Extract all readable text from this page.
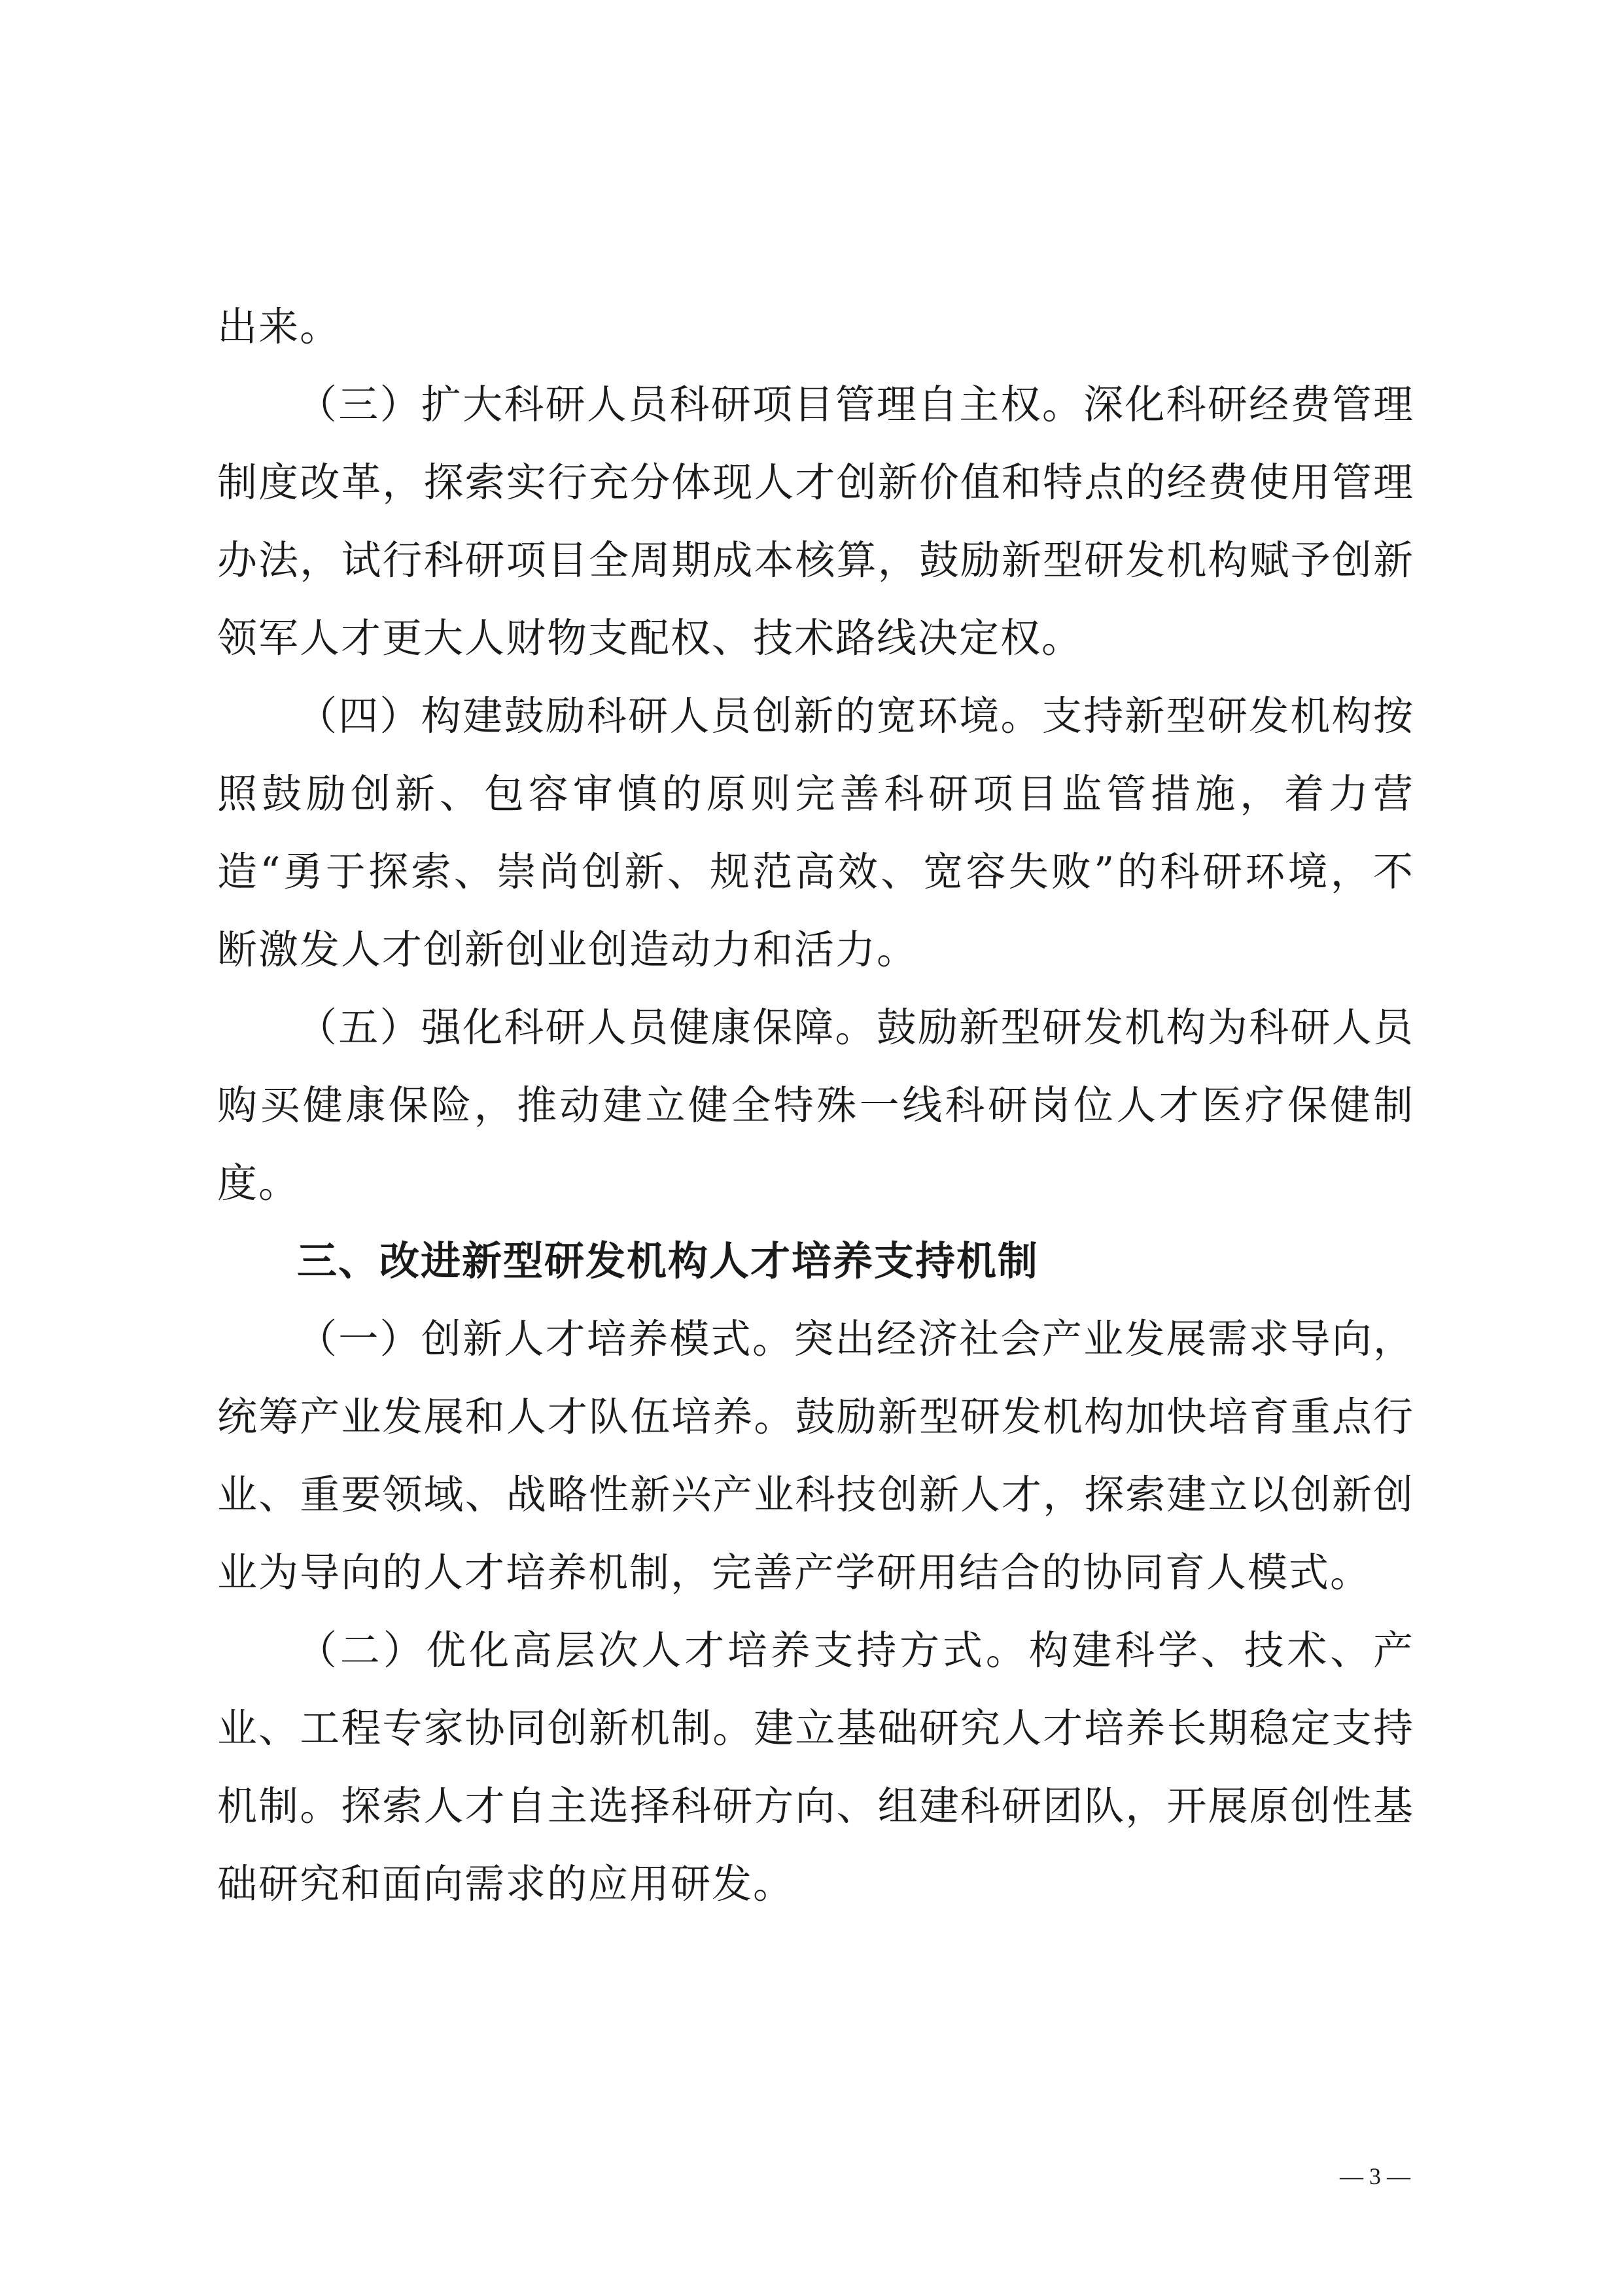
出来。

（三）扩大科研人员科研项目管理自主权。深化科研经费管理制度改革，探索实行充分体现人才创新价值和特点的经费使用管理办法，试行科研项目全周期成本核算，鼓励新型研发机构赋予创新领军人才更大人财物支配权、技术路线决定权。

（四）构建鼓励科研人员创新的宽环境。支持新型研发机构按照鼓励创新、包容审慎的原则完善科研项目监管措施，着力营造“勇于探索、崇尚创新、规范高效、宽容失败”的科研环境，不断激发人才创新创业创造动力和活力。

（五）强化科研人员健康保障。鼓励新型研发机构为科研人员购买健康保险，推动建立健全特殊一线科研岗位人才医疗保健制度。

三、改进新型研发机构人才培养支持机制

（一）创新人才培养模式。突出经济社会产业发展需求导向，统筹产业发展和人才队伍培养。鼓励新型研发机构加快培育重点行业、重要领域、战略性新兴产业科技创新人才，探索建立以创新创业为导向的人才培养机制，完善产学研用结合的协同育人模式。

（二）优化高层次人才培养支持方式。构建科学、技术、产业、工程专家协同创新机制。建立基础研究人才培养长期稳定支持机制。探索人才自主选择科研方向、组建科研团队，开展原创性基础研究和面向需求的应用研发。

— 3 —
